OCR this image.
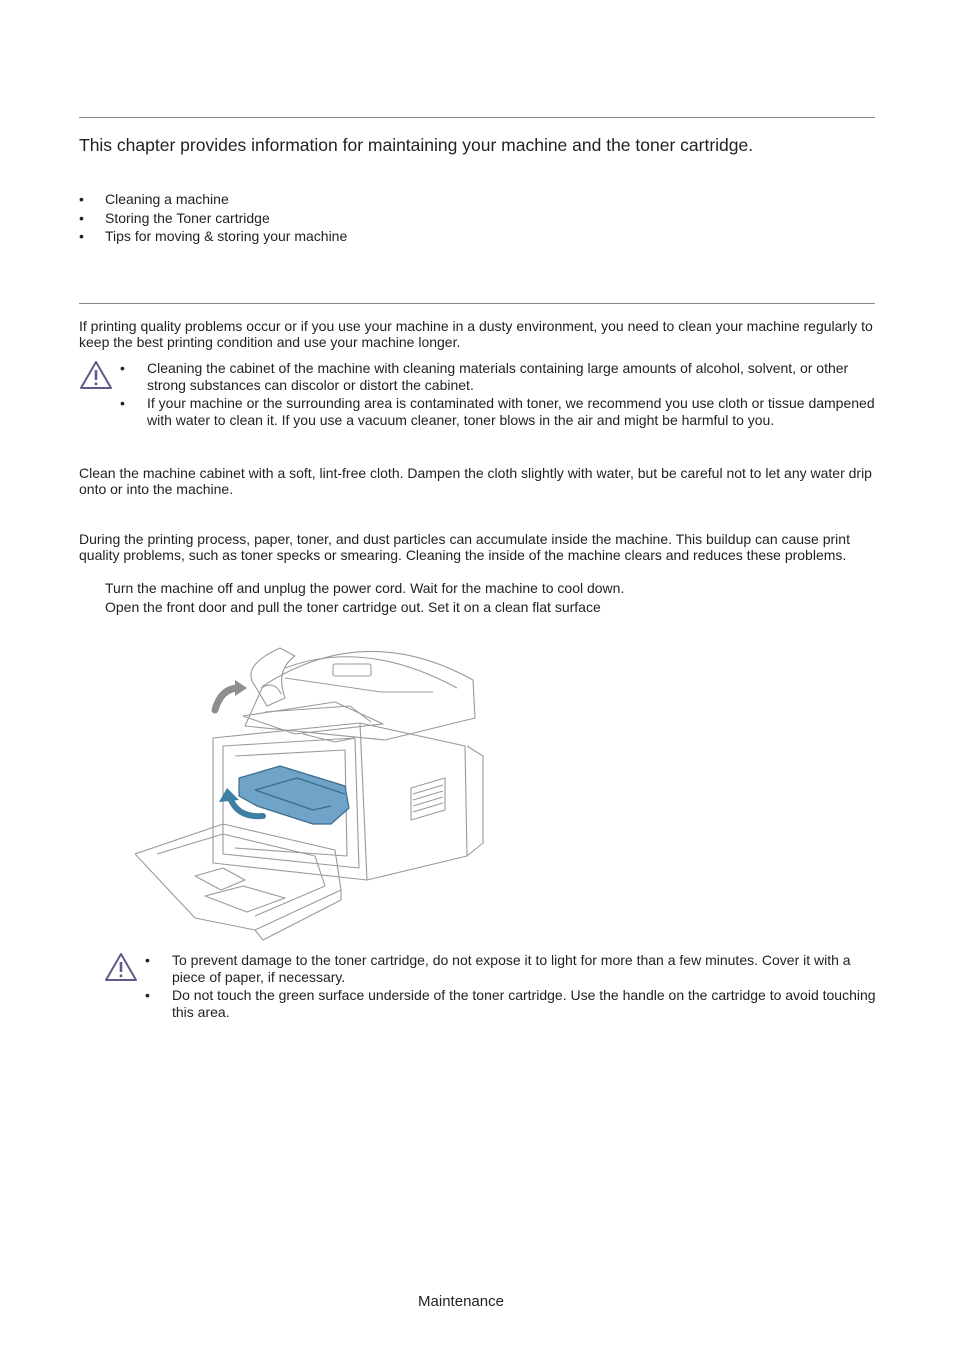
This chapter provides information for maintaining your machine and the toner cartridge.
• Cleaning a machine
• Storing the Toner cartridge
• Tips for moving & storing your machine

If printing quality problems occur or if you use your machine in a dusty environment, you need to clean your machine regularly to keep the best printing condition and use your machine longer.

• Cleaning the cabinet of the machine with cleaning materials containing large amounts of alcohol, solvent, or other strong substances can discolor or distort the cabinet.
• If your machine or the surrounding area is contaminated with toner, we recommend you use cloth or tissue dampened with water to clean it. If you use a vacuum cleaner, toner blows in the air and might be harmful to you.

Clean the machine cabinet with a soft, lint-free cloth. Dampen the cloth slightly with water, but be careful not to let any water drip onto or into the machine.

During the printing process, paper, toner, and dust particles can accumulate inside the machine. This buildup can cause print quality problems, such as toner specks or smearing. Cleaning the inside of the machine clears and reduces these problems.

Turn the machine off and unplug the power cord. Wait for the machine to cool down.
Open the front door and pull the toner cartridge out. Set it on a clean flat surface
• To prevent damage to the toner cartridge, do not expose it to light for more than a few minutes. Cover it with a piece of paper, if necessary.
• Do not touch the green surface underside of the toner cartridge. Use the handle on the cartridge to avoid touching this area.
Maintenance
